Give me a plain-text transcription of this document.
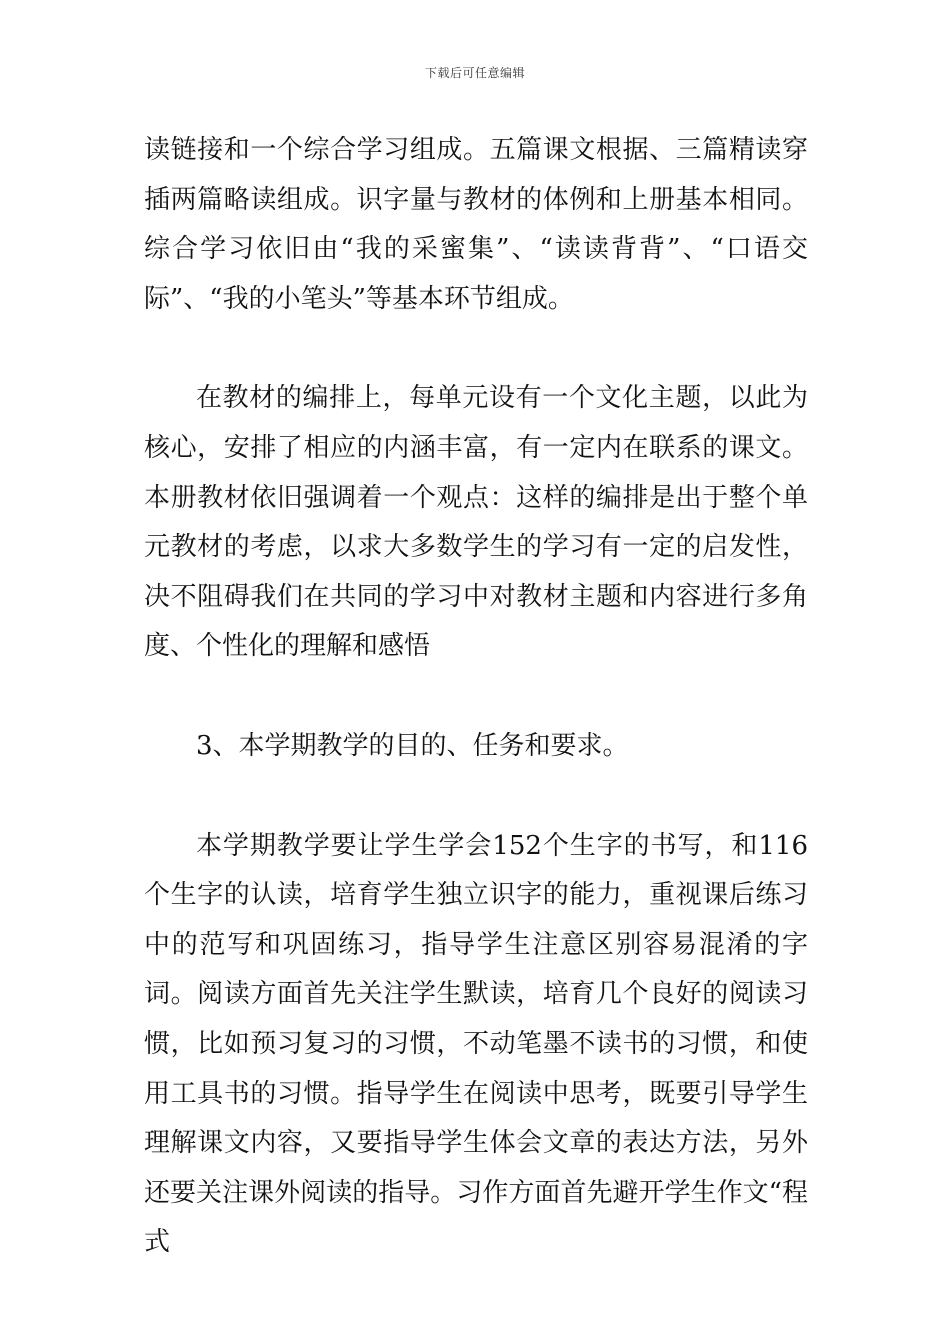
下载后可任意编辑

读链接和一个综合学习组成。五篇课文根据、三篇精读穿插两篇略读组成。识字量与教材的体例和上册基本相同。综合学习依旧由“我的采蜜集”、“读读背背”、“口语交际”、“我的小笔头”等基本环节组成。

在教材的编排上，每单元设有一个文化主题，以此为核心，安排了相应的内涵丰富，有一定内在联系的课文。本册教材依旧强调着一个观点：这样的编排是出于整个单元教材的考虑，以求大多数学生的学习有一定的启发性，决不阻碍我们在共同的学习中对教材主题和内容进行多角度、个性化的理解和感悟

3、本学期教学的目的、任务和要求。

本学期教学要让学生学会152个生字的书写，和116个生字的认读，培育学生独立识字的能力，重视课后练习中的范写和巩固练习，指导学生注意区别容易混淆的字词。阅读方面首先关注学生默读，培育几个良好的阅读习惯，比如预习复习的习惯，不动笔墨不读书的习惯，和使用工具书的习惯。指导学生在阅读中思考，既要引导学生理解课文内容，又要指导学生体会文章的表达方法，另外还要关注课外阅读的指导。习作方面首先避开学生作文“程式
